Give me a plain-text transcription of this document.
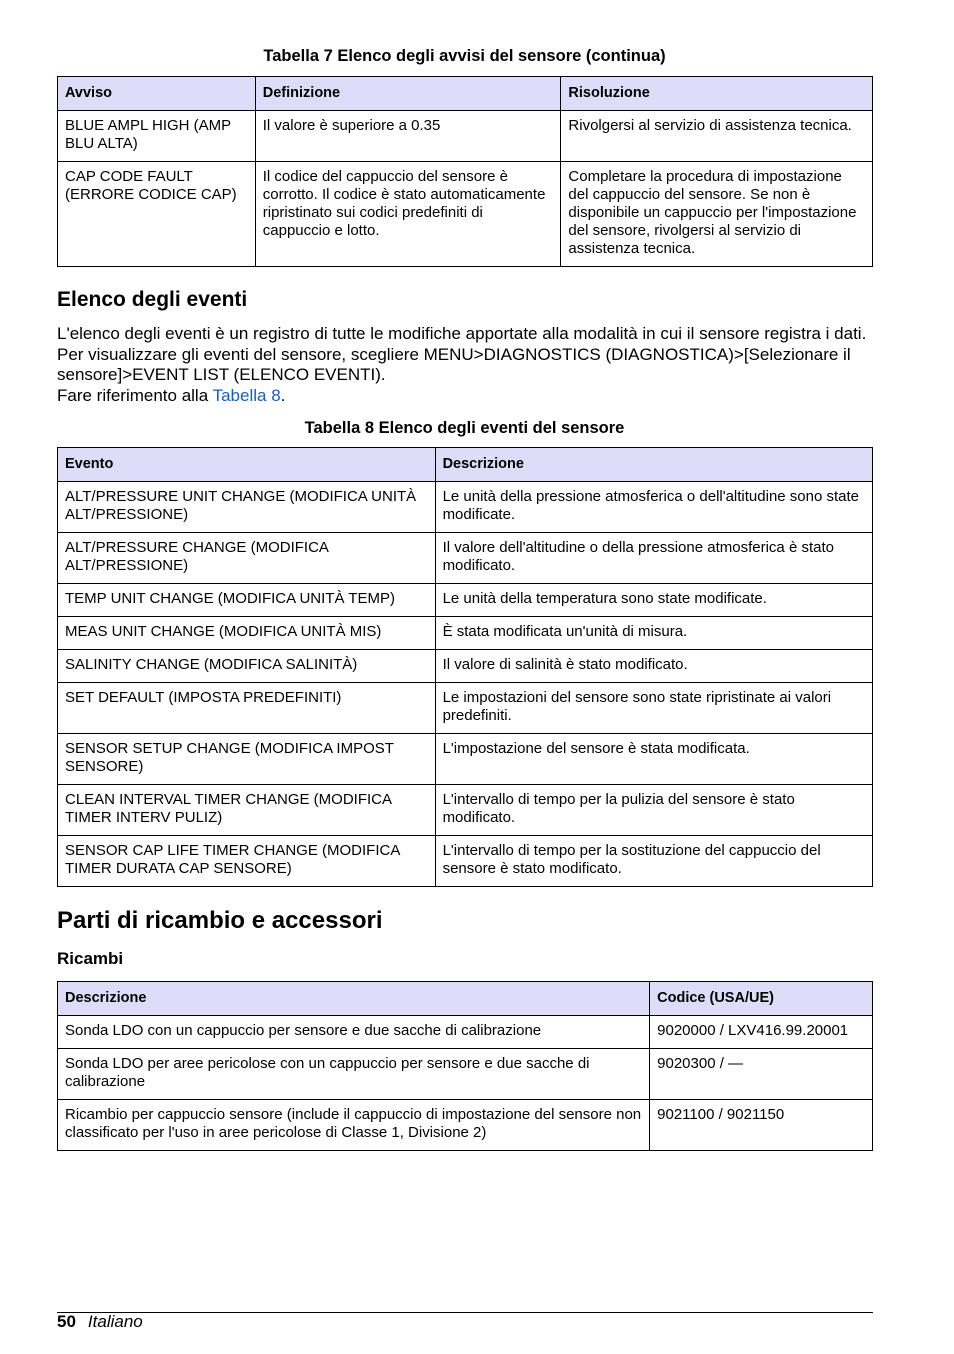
Tabella 7 Elenco degli avvisi del sensore (continua)
Avviso	Definizione	Risoluzione
BLUE AMPL HIGH (AMP BLU ALTA)	Il valore è superiore a 0.35	Rivolgersi al servizio di assistenza tecnica.
CAP CODE FAULT (ERRORE CODICE CAP)	Il codice del cappuccio del sensore è corrotto. Il codice è stato automaticamente ripristinato sui codici predefiniti di cappuccio e lotto.	Completare la procedura di impostazione del cappuccio del sensore. Se non è disponibile un cappuccio per l'impostazione del sensore, rivolgersi al servizio di assistenza tecnica.
Elenco degli eventi
L'elenco degli eventi è un registro di tutte le modifiche apportate alla modalità in cui il sensore registra i dati. Per visualizzare gli eventi del sensore, scegliere MENU>DIAGNOSTICS (DIAGNOSTICA)>[Selezionare il sensore]>EVENT LIST (ELENCO EVENTI).
Fare riferimento alla Tabella 8.
Tabella 8 Elenco degli eventi del sensore
Evento	Descrizione
ALT/PRESSURE UNIT CHANGE (MODIFICA UNITÀ ALT/PRESSIONE)	Le unità della pressione atmosferica o dell'altitudine sono state modificate.
ALT/PRESSURE CHANGE (MODIFICA ALT/PRESSIONE)	Il valore dell'altitudine o della pressione atmosferica è stato modificato.
TEMP UNIT CHANGE (MODIFICA UNITÀ TEMP)	Le unità della temperatura sono state modificate.
MEAS UNIT CHANGE (MODIFICA UNITÀ MIS)	È stata modificata un'unità di misura.
SALINITY CHANGE (MODIFICA SALINITÀ)	Il valore di salinità è stato modificato.
SET DEFAULT (IMPOSTA PREDEFINITI)	Le impostazioni del sensore sono state ripristinate ai valori predefiniti.
SENSOR SETUP CHANGE (MODIFICA IMPOST SENSORE)	L'impostazione del sensore è stata modificata.
CLEAN INTERVAL TIMER CHANGE (MODIFICA TIMER INTERV PULIZ)	L'intervallo di tempo per la pulizia del sensore è stato modificato.
SENSOR CAP LIFE TIMER CHANGE (MODIFICA TIMER DURATA CAP SENSORE)	L'intervallo di tempo per la sostituzione del cappuccio del sensore è stato modificato.
Parti di ricambio e accessori
Ricambi
Descrizione	Codice (USA/UE)
Sonda LDO con un cappuccio per sensore e due sacche di calibrazione	9020000 / LXV416.99.20001
Sonda LDO per aree pericolose con un cappuccio per sensore e due sacche di calibrazione	9020300 / —
Ricambio per cappuccio sensore (include il cappuccio di impostazione del sensore non classificato per l'uso in aree pericolose di Classe 1, Divisione 2)	9021100 / 9021150
50 Italiano
